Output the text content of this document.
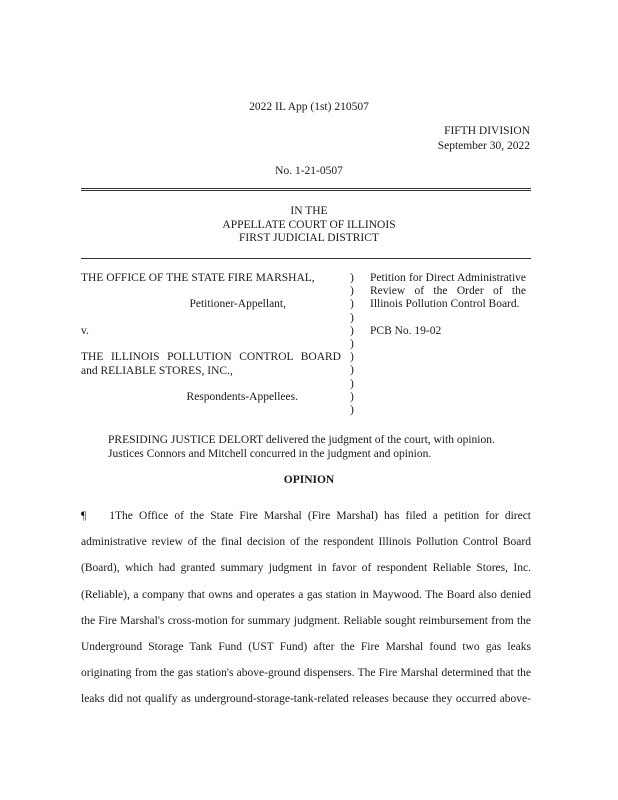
2022 IL App (1st) 210507
FIFTH DIVISION
September 30, 2022
No. 1-21-0507
IN THE
APPELLATE COURT OF ILLINOIS
FIRST JUDICIAL DISTRICT
THE OFFICE OF THE STATE FIRE MARSHAL,
Petitioner-Appellant,
v.
THE ILLINOIS POLLUTION CONTROL BOARD
and RELIABLE STORES, INC.,
Respondents-Appellees.
)
)
)
)
)
)
)
)
)
)
)
Petition for Direct Administrative
Review of the Order of the
Illinois Pollution Control Board.
PCB No. 19-02
PRESIDING JUSTICE DELORT delivered the judgment of the court, with opinion.
Justices Connors and Mitchell concurred in the judgment and opinion.
OPINION
¶ 1The Office of the State Fire Marshal (Fire Marshal) has filed a petition for direct
administrative review of the final decision of the respondent Illinois Pollution Control Board
(Board), which had granted summary judgment in favor of respondent Reliable Stores, Inc.
(Reliable), a company that owns and operates a gas station in Maywood. The Board also denied
the Fire Marshal's cross-motion for summary judgment. Reliable sought reimbursement from the
Underground Storage Tank Fund (UST Fund) after the Fire Marshal found two gas leaks
originating from the gas station's above-ground dispensers. The Fire Marshal determined that the
leaks did not qualify as underground-storage-tank-related releases because they occurred above-
